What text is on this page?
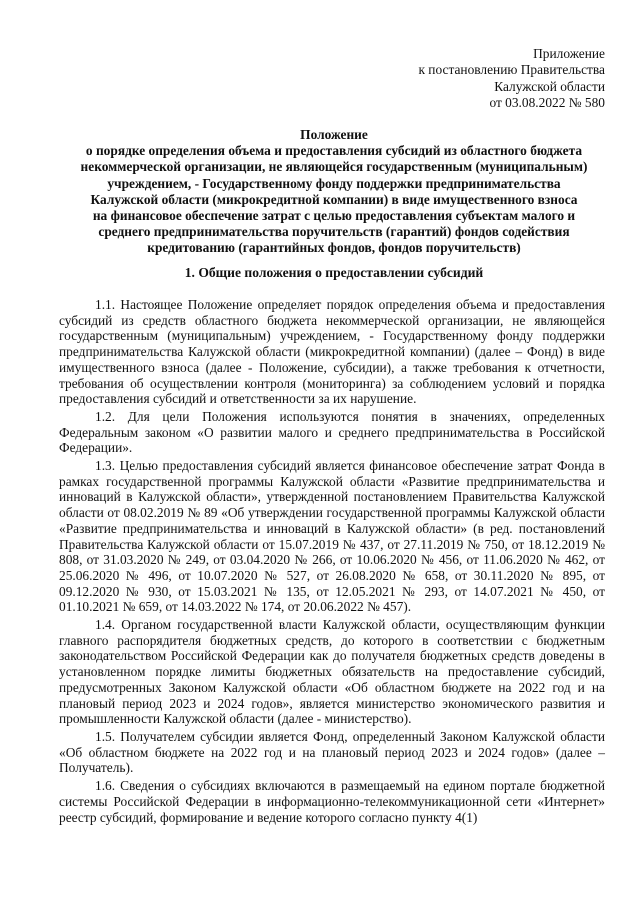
Приложение
к постановлению Правительства
Калужской области
от 03.08.2022 № 580
Положение
о порядке определения объема и предоставления субсидий из областного бюджета
некоммерческой организации, не являющейся государственным (муниципальным)
учреждением, - Государственному фонду поддержки предпринимательства
Калужской области (микрокредитной компании) в виде имущественного взноса
на финансовое обеспечение затрат с целью предоставления субъектам малого и
среднего предпринимательства поручительств (гарантий) фондов содействия
кредитованию (гарантийных фондов, фондов поручительств)
1. Общие положения о предоставлении субсидий

1.1. Настоящее Положение определяет порядок определения объема и предоставления субсидий из средств областного бюджета некоммерческой организации, не являющейся государственным (муниципальным) учреждением, - Государственному фонду поддержки предпринимательства Калужской области (микрокредитной компании) (далее – Фонд) в виде имущественного взноса (далее - Положение, субсидии), а также требования к отчетности, требования об осуществлении контроля (мониторинга) за соблюдением условий и порядка предоставления субсидий и ответственности за их нарушение.

1.2. Для цели Положения используются понятия в значениях, определенных Федеральным законом «О развитии малого и среднего предпринимательства в Российской Федерации».

1.3. Целью предоставления субсидий является финансовое обеспечение затрат Фонда в рамках государственной программы Калужской области «Развитие предпринимательства и инноваций в Калужской области», утвержденной постановлением Правительства Калужской области от 08.02.2019 № 89 «Об утверждении государственной программы Калужской области «Развитие предпринимательства и инноваций в Калужской области» (в ред. постановлений Правительства Калужской области от 15.07.2019 № 437, от 27.11.2019 № 750, от 18.12.2019 № 808, от 31.03.2020 № 249, от 03.04.2020 № 266, от 10.06.2020 № 456, от 11.06.2020 № 462, от 25.06.2020 № 496, от 10.07.2020 № 527, от 26.08.2020 № 658, от 30.11.2020 № 895, от 09.12.2020 № 930, от 15.03.2021 № 135, от 12.05.2021 № 293, от 14.07.2021 № 450, от 01.10.2021 № 659, от 14.03.2022 № 174, от 20.06.2022 № 457).

1.4. Органом государственной власти Калужской области, осуществляющим функции главного распорядителя бюджетных средств, до которого в соответствии с бюджетным законодательством Российской Федерации как до получателя бюджетных средств доведены в установленном порядке лимиты бюджетных обязательств на предоставление субсидий, предусмотренных Законом Калужской области «Об областном бюджете на 2022 год и на плановый период 2023 и 2024 годов», является министерство экономического развития и промышленности Калужской области (далее - министерство).

1.5. Получателем субсидии является Фонд, определенный Законом Калужской области «Об областном бюджете на 2022 год и на плановый период 2023 и 2024 годов» (далее – Получатель).

1.6. Сведения о субсидиях включаются в размещаемый на едином портале бюджетной системы Российской Федерации в информационно-телекоммуникационной сети «Интернет» реестр субсидий, формирование и ведение которого согласно пункту 4(1)
